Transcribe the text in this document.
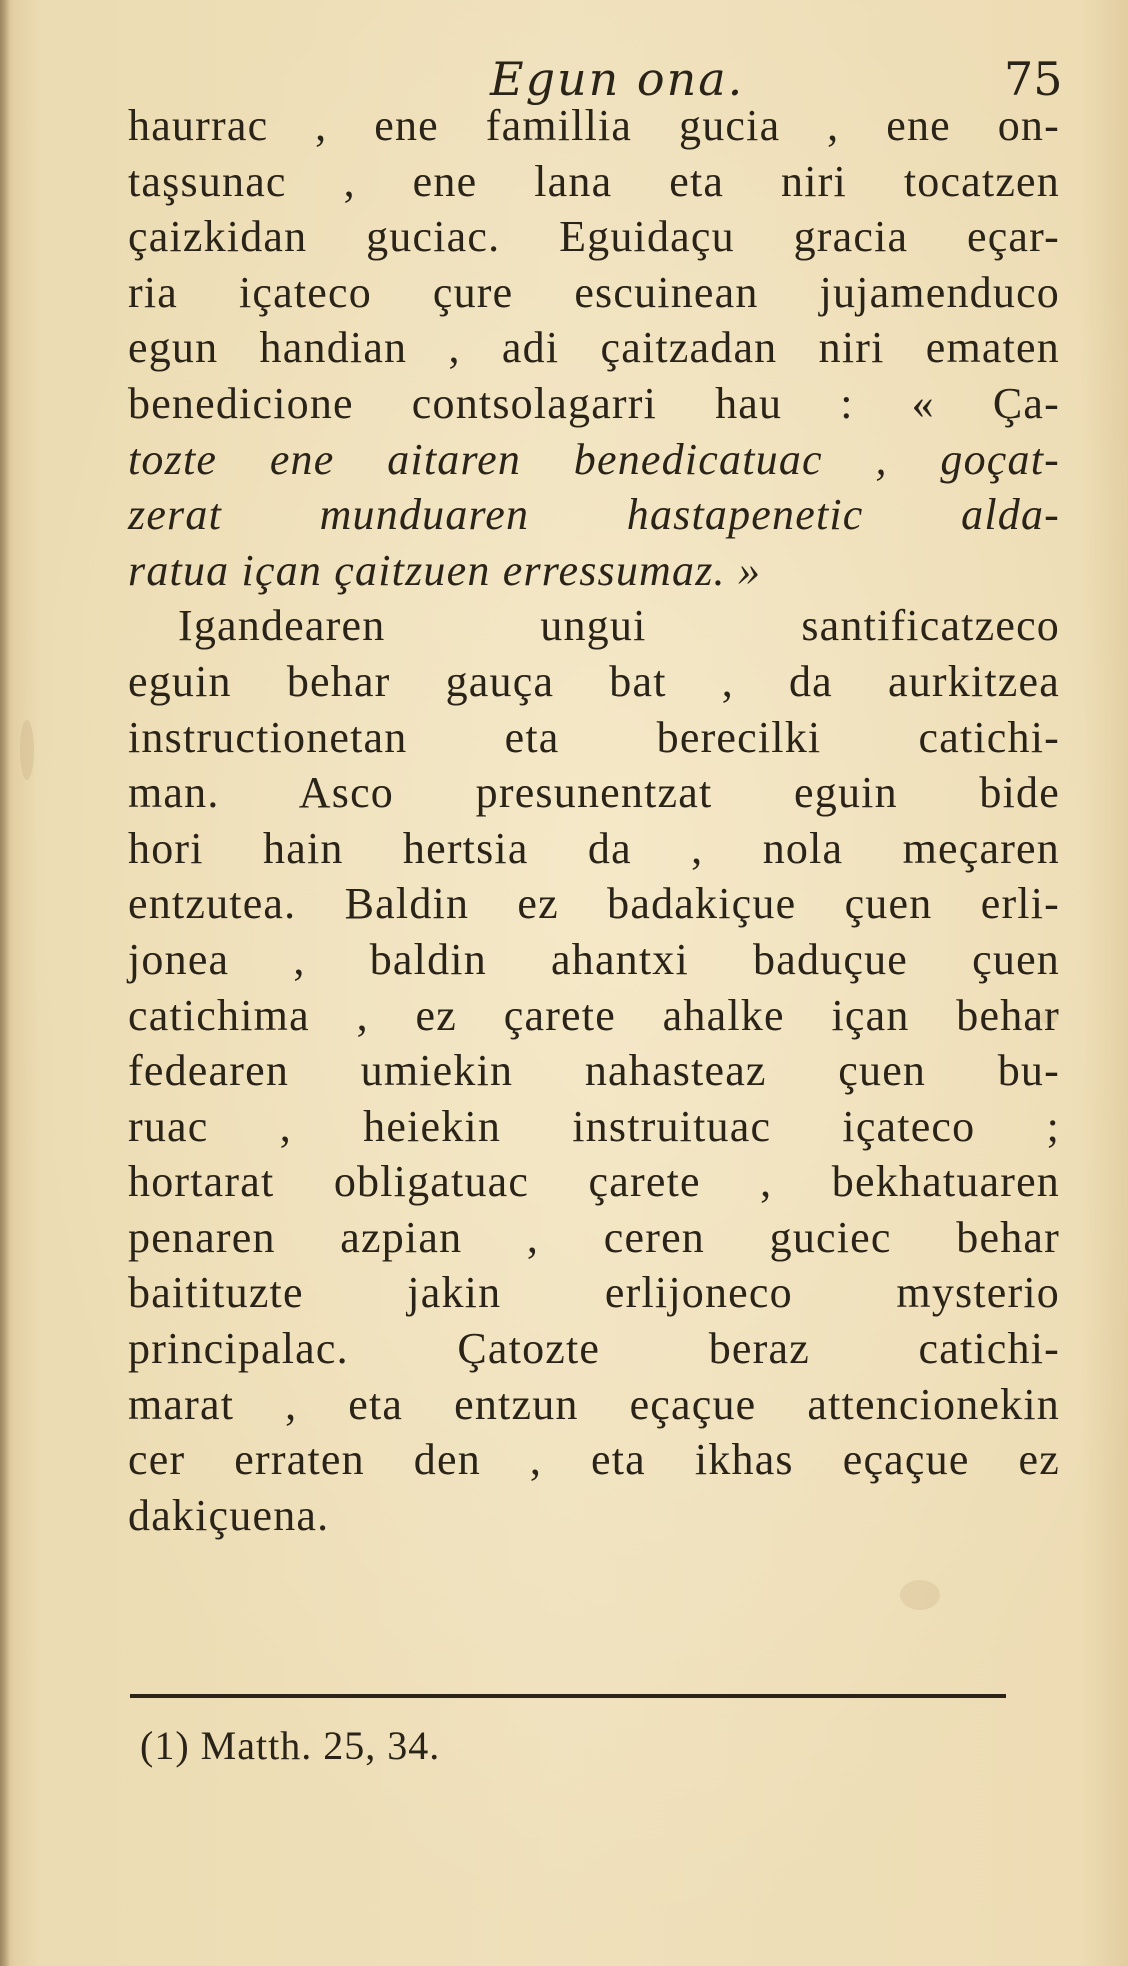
Egun ona.	75
haurrac , ene famillia gucia , ene on-
taşsunac , ene lana eta niri tocatzen
çaizkidan guciac. Eguidaçu gracia eçar-
ria içateco çure escuinean jujamenduco
egun handian , adi çaitzadan niri ematen
benedicione contsolagarri hau : « Ça-
tozte ene aitaren benedicatuac , goçat-
zerat munduaren hastapenetic alda-
ratua içan çaitzuen erressumaz. »
Igandearen ungui santificatzeco
eguin behar gauça bat , da aurkitzea
instructionetan eta berecilki catichi-
man. Asco presunentzat eguin bide
hori hain hertsia da , nola meçaren
entzutea. Baldin ez badakiçue çuen erli-
jonea , baldin ahantxi baduçue çuen
catichima , ez çarete ahalke içan behar
fedearen umiekin nahasteaz çuen bu-
ruac , heiekin instruituac içateco ;
hortarat obligatuac çarete , bekhatuaren
penaren azpian , ceren guciec behar
baitituzte jakin erlijoneco mysterio
principalac. Çatozte beraz catichi-
marat , eta entzun eçaçue attencionekin
cer erraten den , eta ikhas eçaçue ez
dakiçuena.
(1) Matth. 25, 34.
